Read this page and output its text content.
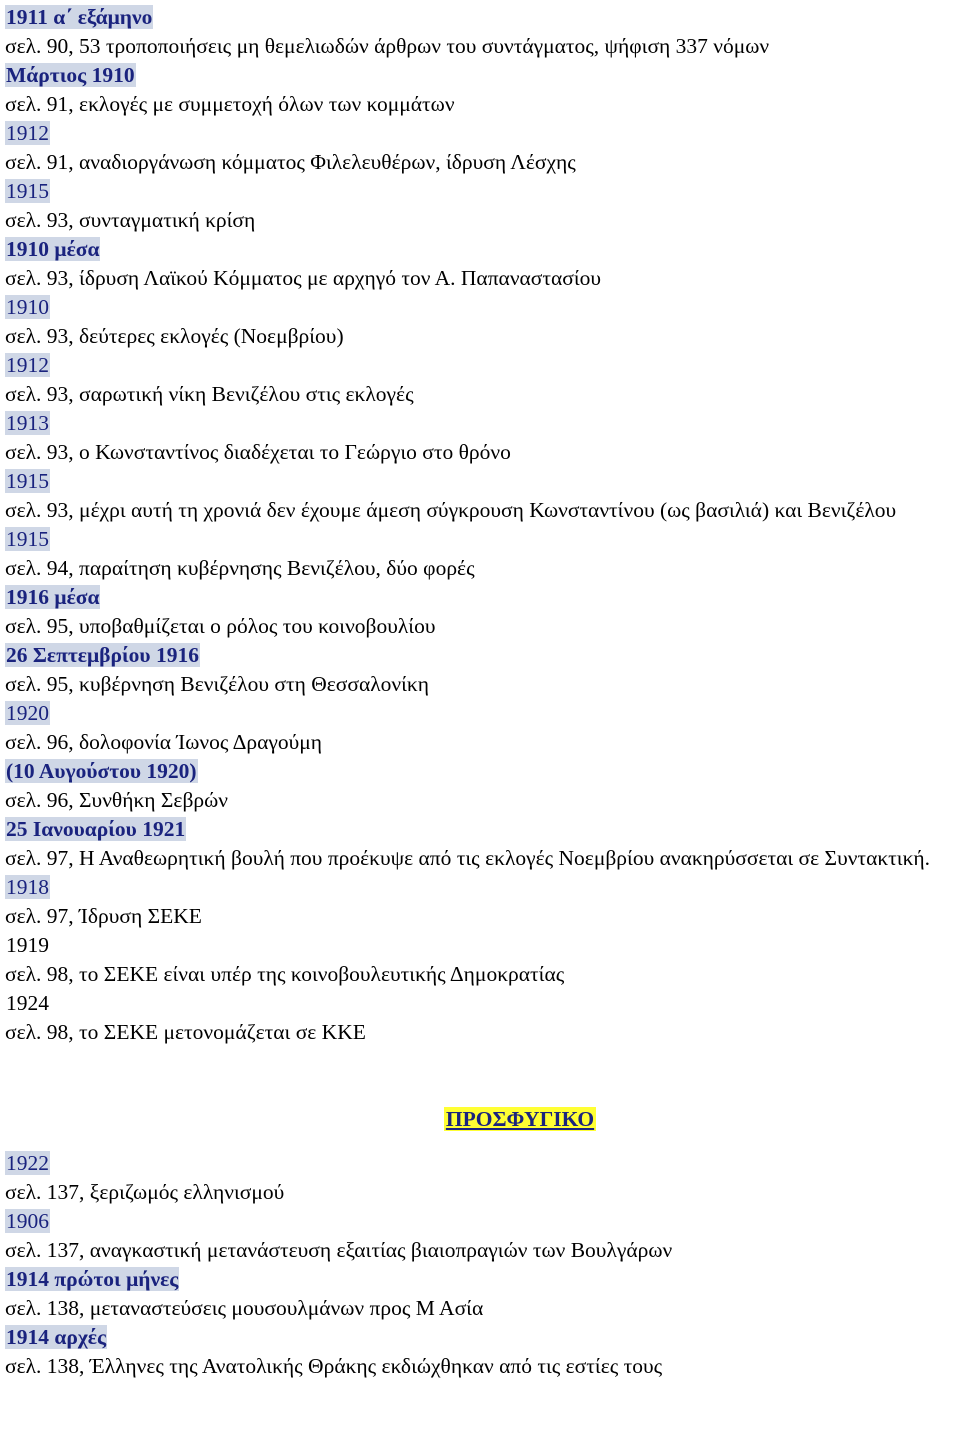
1911 α΄ εξάμηνο
σελ. 90, 53 τροποποιήσεις μη θεμελιωδών άρθρων του συντάγματος, ψήφιση 337 νόμων
Μάρτιος 1910
σελ. 91, εκλογές με συμμετοχή όλων των κομμάτων
1912
σελ. 91, αναδιοργάνωση κόμματος Φιλελευθέρων, ίδρυση Λέσχης
1915
σελ. 93, συνταγματική κρίση
1910 μέσα
σελ. 93, ίδρυση Λαϊκού Κόμματος με αρχηγό τον Α. Παπαναστασίου
1910
σελ. 93, δεύτερες εκλογές (Νοεμβρίου)
1912
σελ. 93, σαρωτική νίκη Βενιζέλου στις εκλογές
1913
σελ. 93, ο Κωνσταντίνος διαδέχεται το Γεώργιο στο θρόνο
1915
σελ. 93, μέχρι αυτή τη χρονιά δεν έχουμε άμεση σύγκρουση Κωνσταντίνου (ως βασιλιά) και Βενιζέλου
1915
σελ. 94, παραίτηση κυβέρνησης Βενιζέλου, δύο φορές
1916 μέσα
σελ. 95, υποβαθμίζεται ο ρόλος του κοινοβουλίου
26 Σεπτεμβρίου 1916
σελ. 95, κυβέρνηση Βενιζέλου στη Θεσσαλονίκη
1920
σελ. 96, δολοφονία Ίωνος Δραγούμη
(10 Αυγούστου 1920)
σελ. 96, Συνθήκη Σεβρών
25 Ιανουαρίου 1921
σελ. 97, Η Αναθεωρητική βουλή που προέκυψε από τις εκλογές Νοεμβρίου ανακηρύσσεται σε Συντακτική.
1918
σελ. 97, Ίδρυση ΣΕΚΕ
1919
σελ. 98, το ΣΕΚΕ είναι υπέρ της κοινοβουλευτικής Δημοκρατίας
1924
σελ. 98, το ΣΕΚΕ μετονομάζεται σε ΚΚΕ
ΠΡΟΣΦΥΓΙΚΟ
1922
σελ. 137, ξεριζωμός ελληνισμού
1906
σελ. 137, αναγκαστική μετανάστευση εξαιτίας βιαιοπραγιών των Βουλγάρων
1914 πρώτοι μήνες
σελ. 138, μεταναστεύσεις μουσουλμάνων προς Μ Ασία
1914 αρχές
σελ. 138, Έλληνες της Ανατολικής Θράκης εκδιώχθηκαν από τις εστίες τους
